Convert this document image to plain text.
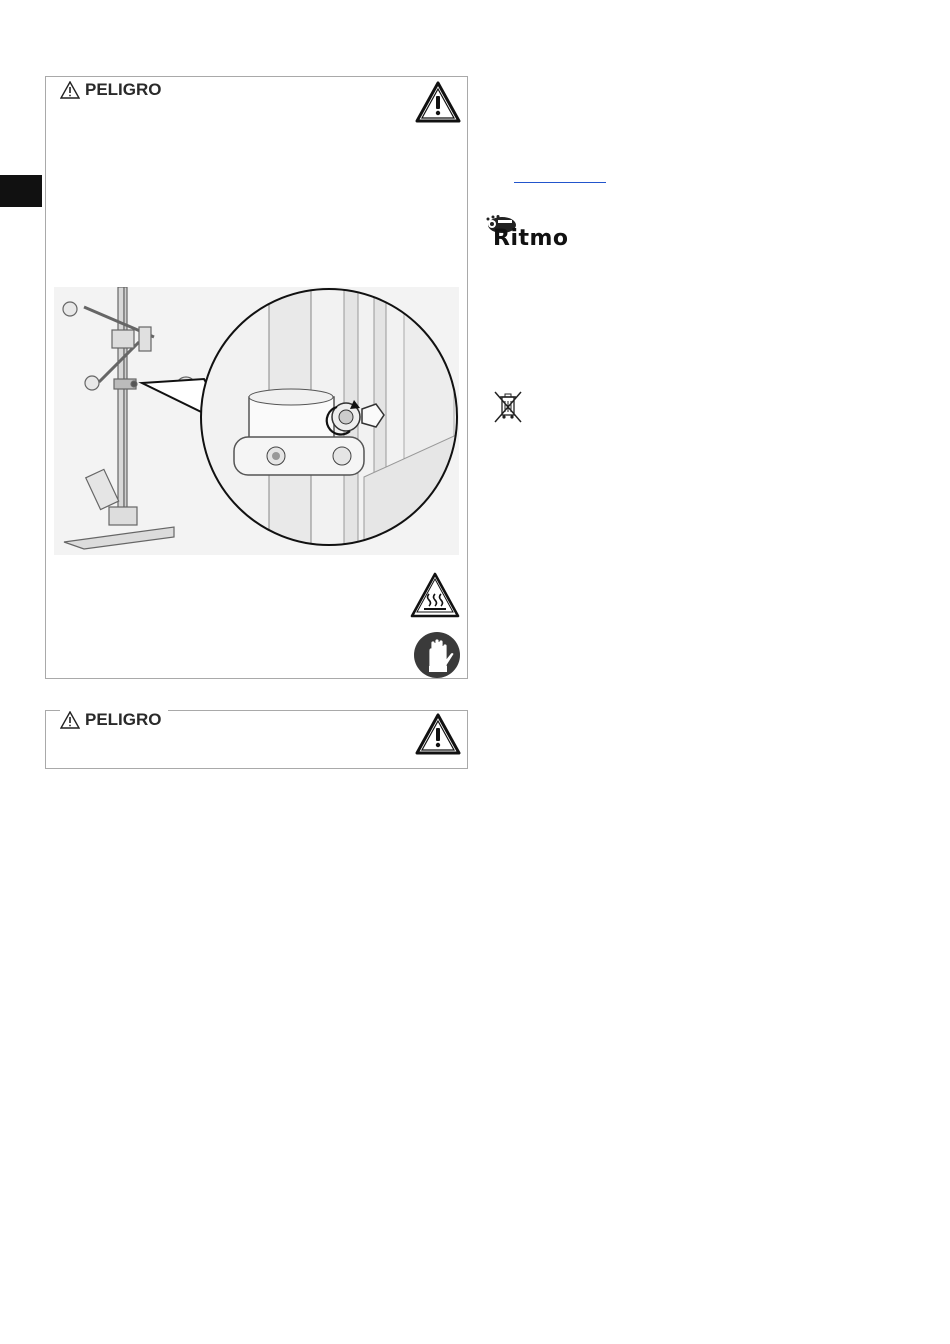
PELIGRO
PELIGRO
Ritmo
